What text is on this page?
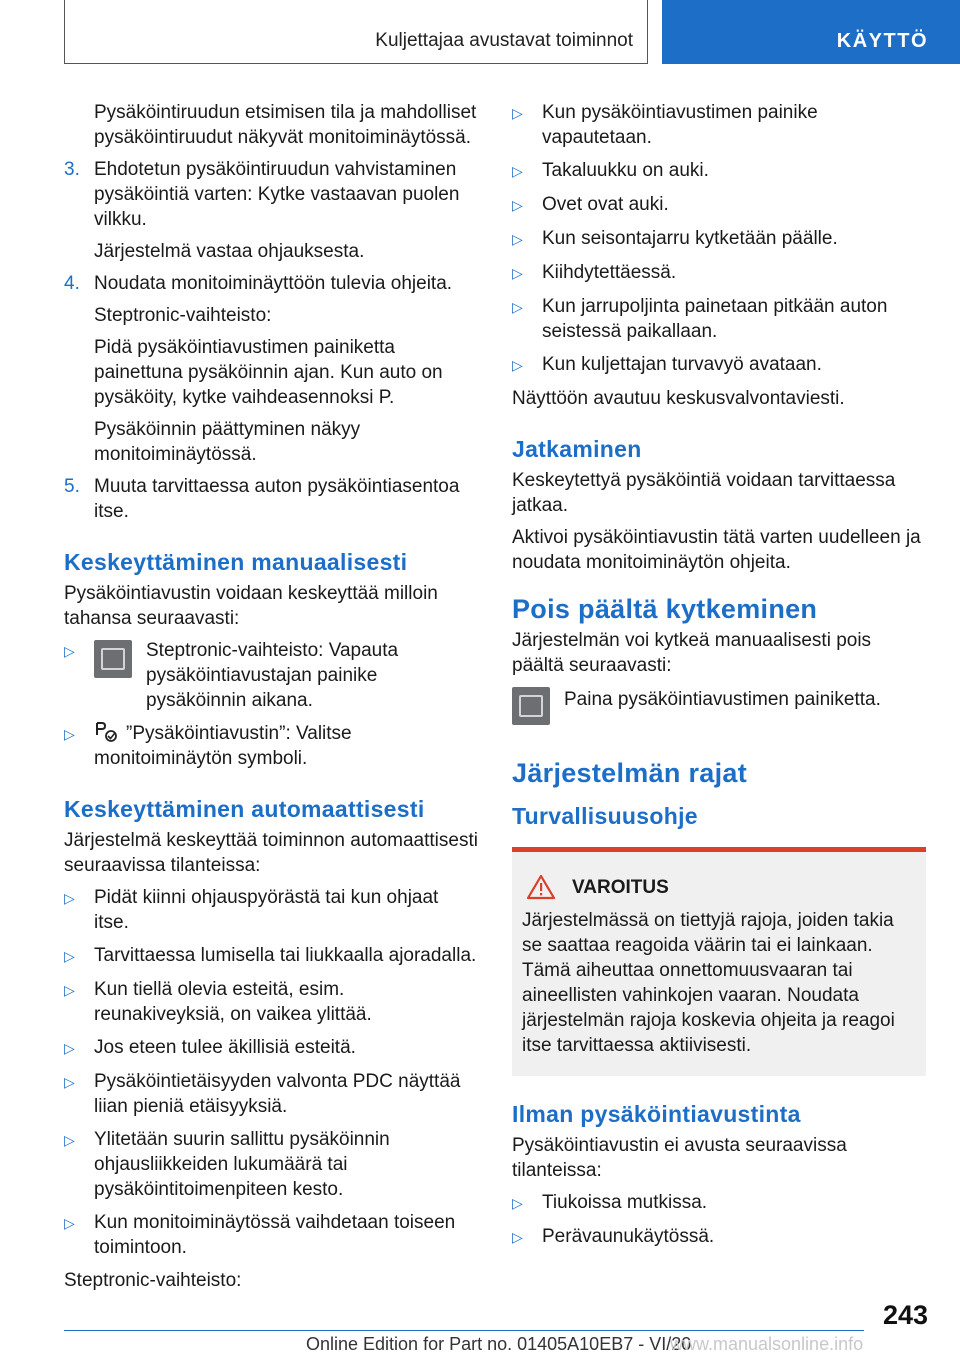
Kuljettajaa avustavat toiminnot	KÄYTTÖ

Pysäköintiruudun etsimisen tila ja mahdolliset pysäköintiruudut näkyvät monitoiminäytössä.

3. Ehdotetun pysäköintiruudun vahvistaminen pysäköintiä varten: Kytke vastaavan puolen vilkku.

Järjestelmä vastaa ohjauksesta.

4. Noudata monitoiminäyttöön tulevia ohjeita.

Steptronic-vaihteisto:

Pidä pysäköintiavustimen painiketta painettuna pysäköinnin ajan. Kun auto on pysäköity, kytke vaihdeasennoksi P.

Pysäköinnin päättyminen näkyy monitoiminäytössä.

5. Muuta tarvittaessa auton pysäköintiasentoa itse.
Keskeyttäminen manuaalisesti

Pysäköintiavustin voidaan keskeyttää milloin tahansa seuraavasti:

▷	Steptronic-vaihteisto: Vapauta pysäköintiavustajan painike pysäköinnin aikana.
▷	”Pysäköintiavustin”: Valitse monitoiminäytön symboli.
Keskeyttäminen automaattisesti

Järjestelmä keskeyttää toiminnon automaattisesti seuraavissa tilanteissa:

▷	Pidät kiinni ohjauspyörästä tai kun ohjaat itse.
▷	Tarvittaessa lumisella tai liukkaalla ajoradalla.
▷	Kun tiellä olevia esteitä, esim. reunakiveyksiä, on vaikea ylittää.
▷	Jos eteen tulee äkillisiä esteitä.
▷	Pysäköintietäisyyden valvonta PDC näyttää liian pieniä etäisyyksiä.
▷	Ylitetään suurin sallittu pysäköinnin ohjausliikkeiden lukumäärä tai pysäköintitoimenpiteen kesto.
▷	Kun monitoiminäytössä vaihdetaan toiseen toimintoon.

Steptronic-vaihteisto:

▷	Kun pysäköintiavustimen painike vapautetaan.
▷	Takaluukku on auki.
▷	Ovet ovat auki.
▷	Kun seisontajarru kytketään päälle.
▷	Kiihdytettäessä.
▷	Kun jarrupoljinta painetaan pitkään auton seistessä paikallaan.
▷	Kun kuljettajan turvavyö avataan.

Näyttöön avautuu keskusvalvontaviesti.

Jatkaminen

Keskeytettyä pysäköintiä voidaan tarvittaessa jatkaa.

Aktivoi pysäköintiavustin tätä varten uudelleen ja noudata monitoiminäytön ohjeita.

Pois päältä kytkeminen

Järjestelmän voi kytkeä manuaalisesti pois päältä seuraavasti:

Paina pysäköintiavustimen painiketta.
Järjestelmän rajat
Turvallisuusohje
VAROITUS
Järjestelmässä on tiettyjä rajoja, joiden takia se saattaa reagoida väärin tai ei lainkaan. Tämä aiheuttaa onnettomuusvaaran tai aineellisten vahinkojen vaaran. Noudata järjestelmän rajoja koskevia ohjeita ja reagoi itse tarvittaessa aktiivisesti.
Ilman pysäköintiavustinta

Pysäköintiavustin ei avusta seuraavissa tilanteissa:

▷	Tiukoissa mutkissa.
▷	Perävaunukäytössä.
243
Online Edition for Part no. 01405A10EB7 - VI/20
www.manualsonline.info
